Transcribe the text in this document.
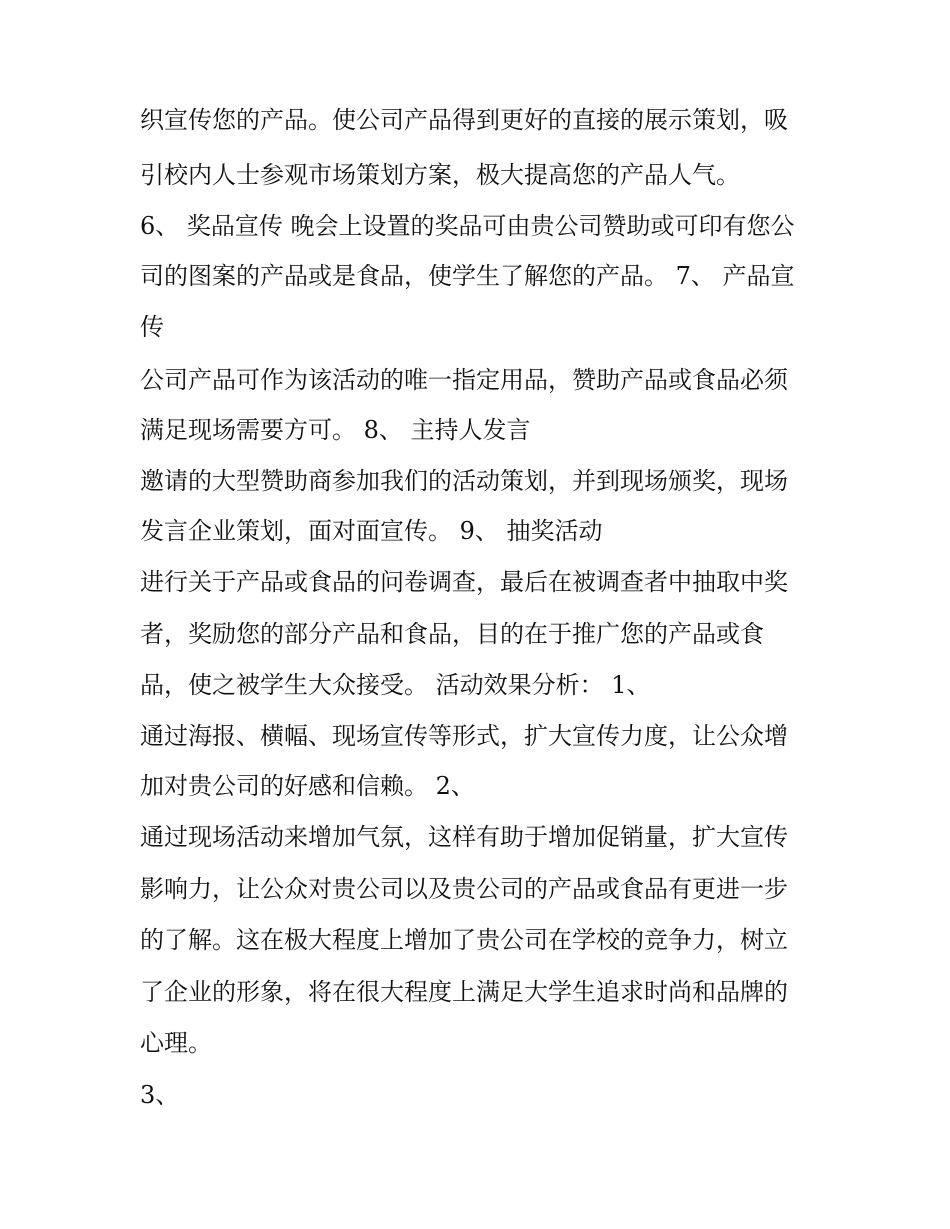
织宣传您的产品。使公司产品得到更好的直接的展示策划，吸
引校内人士参观市场策划方案，极大提高您的产品人气。
6、 奖品宣传 晚会上设置的奖品可由贵公司赞助或可印有您公
司的图案的产品或是食品，使学生了解您的产品。 7、 产品宣
传
公司产品可作为该活动的唯一指定用品，赞助产品或食品必须
满足现场需要方可。 8、 主持人发言
邀请的大型赞助商参加我们的活动策划，并到现场颁奖，现场
发言企业策划，面对面宣传。 9、 抽奖活动
进行关于产品或食品的问卷调查，最后在被调查者中抽取中奖
者，奖励您的部分产品和食品，目的在于推广您的产品或食
品，使之被学生大众接受。 活动效果分析： 1、
通过海报、横幅、现场宣传等形式，扩大宣传力度，让公众增
加对贵公司的好感和信赖。 2、
通过现场活动来增加气氛，这样有助于增加促销量，扩大宣传
影响力，让公众对贵公司以及贵公司的产品或食品有更进一步
的了解。这在极大程度上增加了贵公司在学校的竞争力，树立
了企业的形象，将在很大程度上满足大学生追求时尚和品牌的
心理。
3、
